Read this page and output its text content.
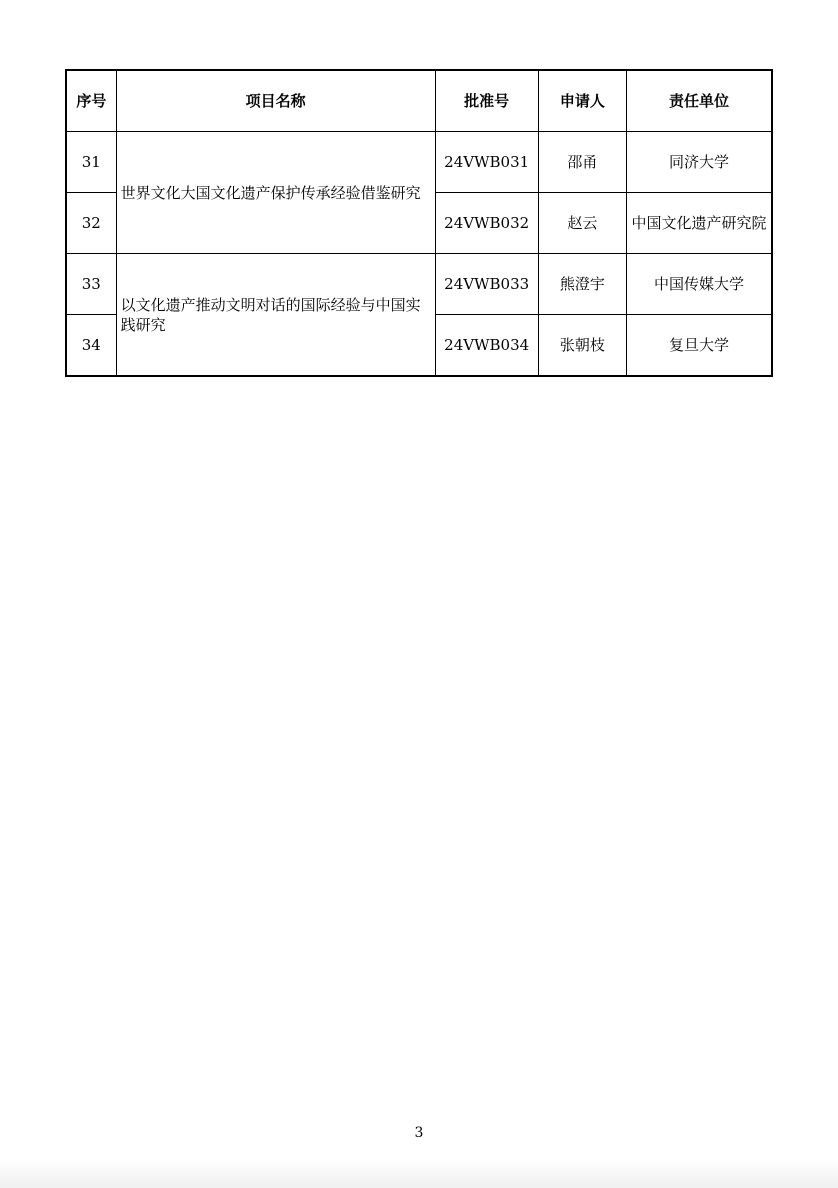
序号	项目名称	批准号	申请人	责任单位
31	世界文化大国文化遗产保护传承经验借鉴研究	24VWB031	邵甬	同济大学
32		24VWB032	赵云	中国文化遗产研究院
33	以文化遗产推动文明对话的国际经验与中国实践研究	24VWB033	熊澄宇	中国传媒大学
34		24VWB034	张朝枝	复旦大学
3
